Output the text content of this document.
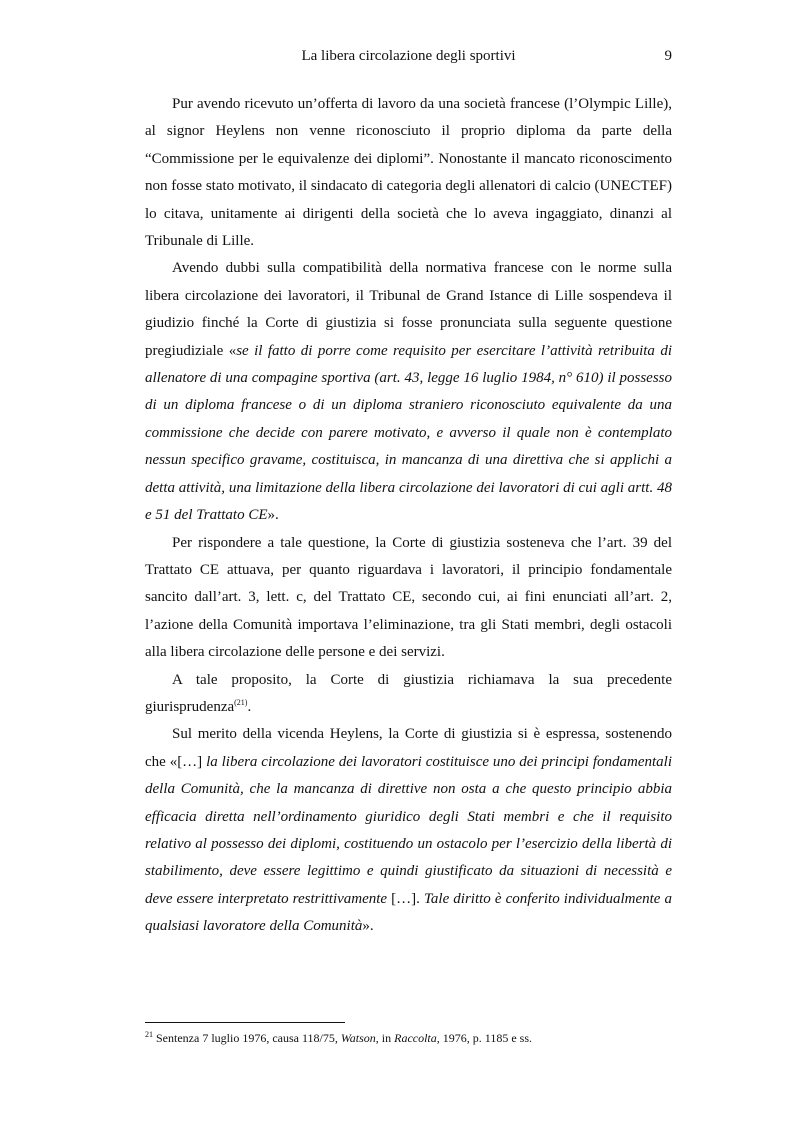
La libera circolazione degli sportivi	9

Pur avendo ricevuto un’offerta di lavoro da una società francese (l’Olympic Lille), al signor Heylens non venne riconosciuto il proprio diploma da parte della “Commissione per le equivalenze dei diplomi”. Nonostante il mancato riconoscimento non fosse stato motivato, il sindacato di categoria degli allenatori di calcio (UNECTEF) lo citava, unitamente ai dirigenti della società che lo aveva ingaggiato, dinanzi al Tribunale di Lille.

Avendo dubbi sulla compatibilità della normativa francese con le norme sulla libera circolazione dei lavoratori, il Tribunal de Grand Istance di Lille sospendeva il giudizio finché la Corte di giustizia si fosse pronunciata sulla seguente questione pregiudiziale «se il fatto di porre come requisito per esercitare l’attività retribuita di allenatore di una compagine sportiva (art. 43, legge 16 luglio 1984, n° 610) il possesso di un diploma francese o di un diploma straniero riconosciuto equivalente da una commissione che decide con parere motivato, e avverso il quale non è contemplato nessun specifico gravame, costituisca, in mancanza di una direttiva che si applichi a detta attività, una limitazione della libera circolazione dei lavoratori di cui agli artt. 48 e 51 del Trattato CE».

Per rispondere a tale questione, la Corte di giustizia sosteneva che l’art. 39 del Trattato CE attuava, per quanto riguardava i lavoratori, il principio fondamentale sancito dall’art. 3, lett. c, del Trattato CE, secondo cui, ai fini enunciati all’art. 2, l’azione della Comunità importava l’eliminazione, tra gli Stati membri, degli ostacoli alla libera circolazione delle persone e dei servizi.

A tale proposito, la Corte di giustizia richiamava la sua precedente giurisprudenza$^{(21)}$.

Sul merito della vicenda Heylens, la Corte di giustizia si è espressa, sostenendo che «[…] la libera circolazione dei lavoratori costituisce uno dei principi fondamentali della Comunità, che la mancanza di direttive non osta a che questo principio abbia efficacia diretta nell’ordinamento giuridico degli Stati membri e che il requisito relativo al possesso dei diplomi, costituendo un ostacolo per l’esercizio della libertà di stabilimento, deve essere legittimo e quindi giustificato da situazioni di necessità e deve essere interpretato restrittivamente […]. Tale diritto è conferito individualmente a qualsiasi lavoratore della Comunità».

$^{21}$ Sentenza 7 luglio 1976, causa 118/75, Watson, in Raccolta, 1976, p. 1185 e ss.
